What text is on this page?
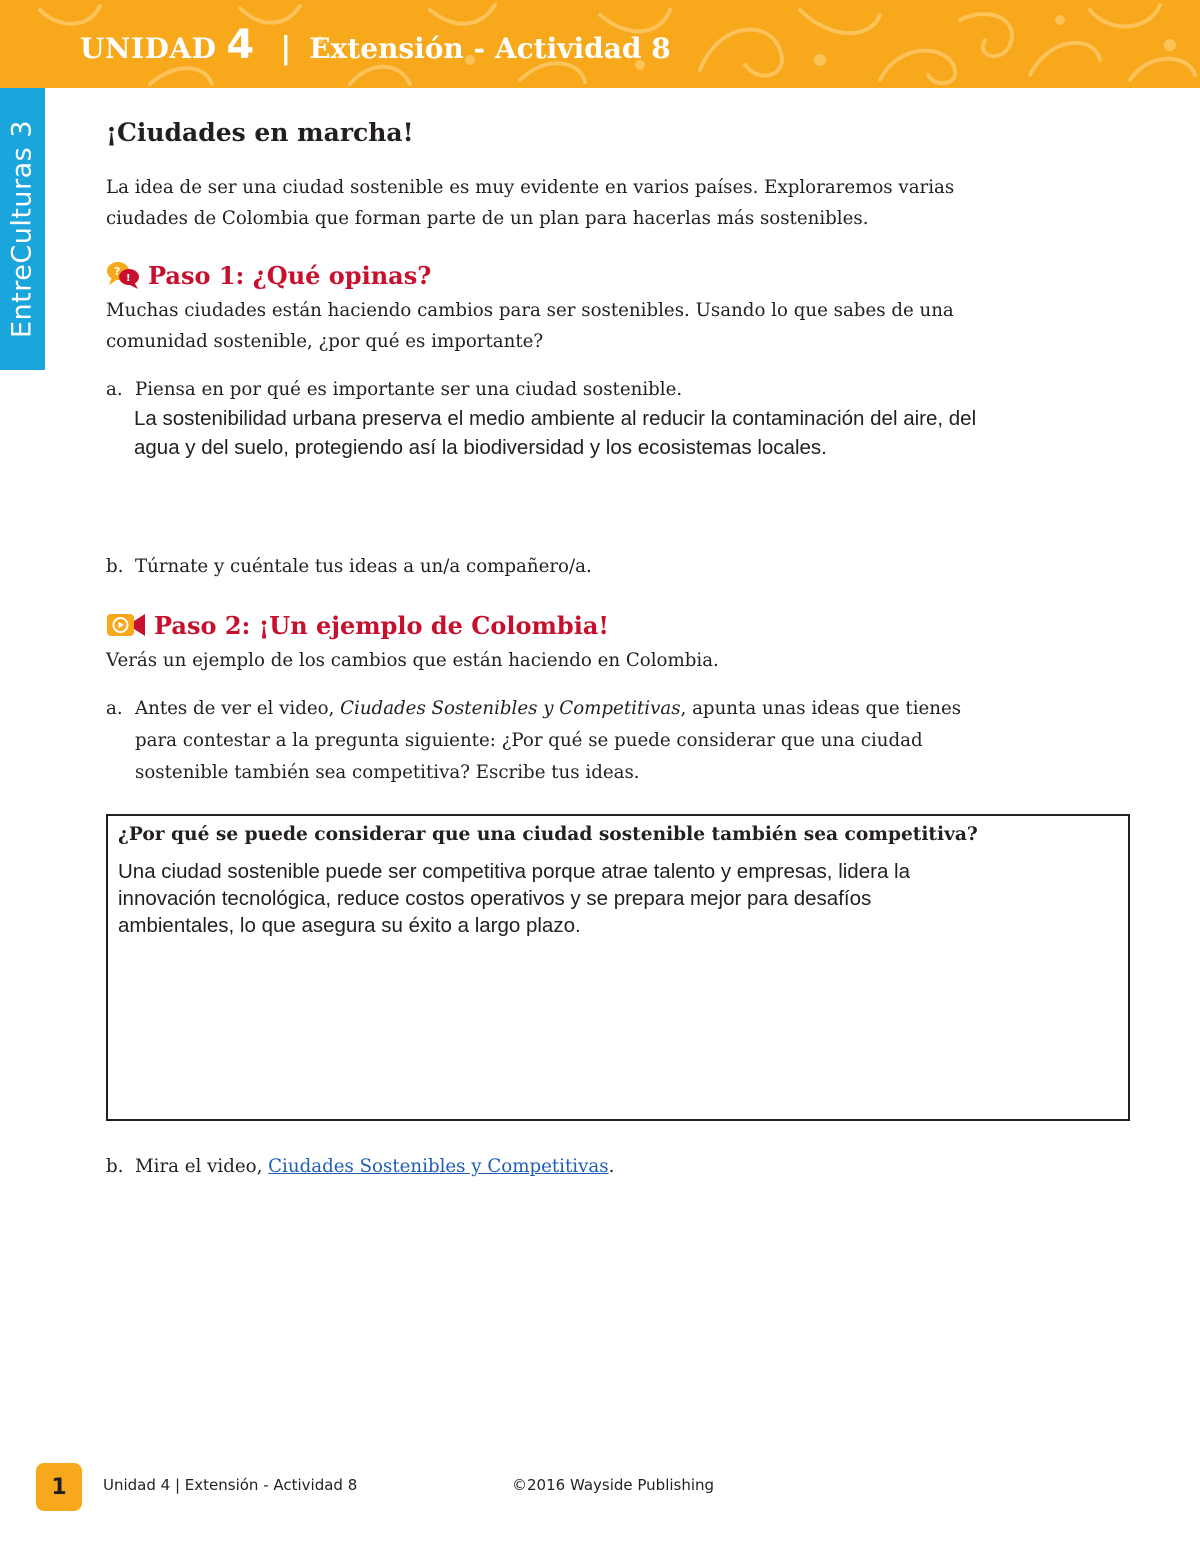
UNIDAD 4 | Extensión - Actividad 8
EntreCulturas 3	¡Ciudades en marcha!
La idea de ser una ciudad sostenible es muy evidente en varios países. Exploraremos varias
ciudades de Colombia que forman parte de un plan para hacerlas más sostenibles.
?
! Paso 1: ¿Qué opinas?
Muchas ciudades están haciendo cambios para ser sostenibles. Usando lo que sabes de una
comunidad sostenible, ¿por qué es importante?
a. Piensa en por qué es importante ser una ciudad sostenible.
La sostenibilidad urbana preserva el medio ambiente al reducir la contaminación del aire, del
agua y del suelo, protegiendo así la biodiversidad y los ecosistemas locales.
b. Túrnate y cuéntale tus ideas a un/a compañero/a.
Paso 2: ¡Un ejemplo de Colombia!
Verás un ejemplo de los cambios que están haciendo en Colombia.
a. Antes de ver el video, Ciudades Sostenibles y Competitivas, apunta unas ideas que tienes
para contestar a la pregunta siguiente: ¿Por qué se puede considerar que una ciudad
sostenible también sea competitiva? Escribe tus ideas.
¿Por qué se puede considerar que una ciudad sostenible también sea competitiva?
Una ciudad sostenible puede ser competitiva porque atrae talento y empresas, lidera la
innovación tecnológica, reduce costos operativos y se prepara mejor para desafíos
ambientales, lo que asegura su éxito a largo plazo.
b. Mira el video, Ciudades Sostenibles y Competitivas.
1 Unidad 4 | Extensión - Actividad 8	©2016 Wayside Publishing
